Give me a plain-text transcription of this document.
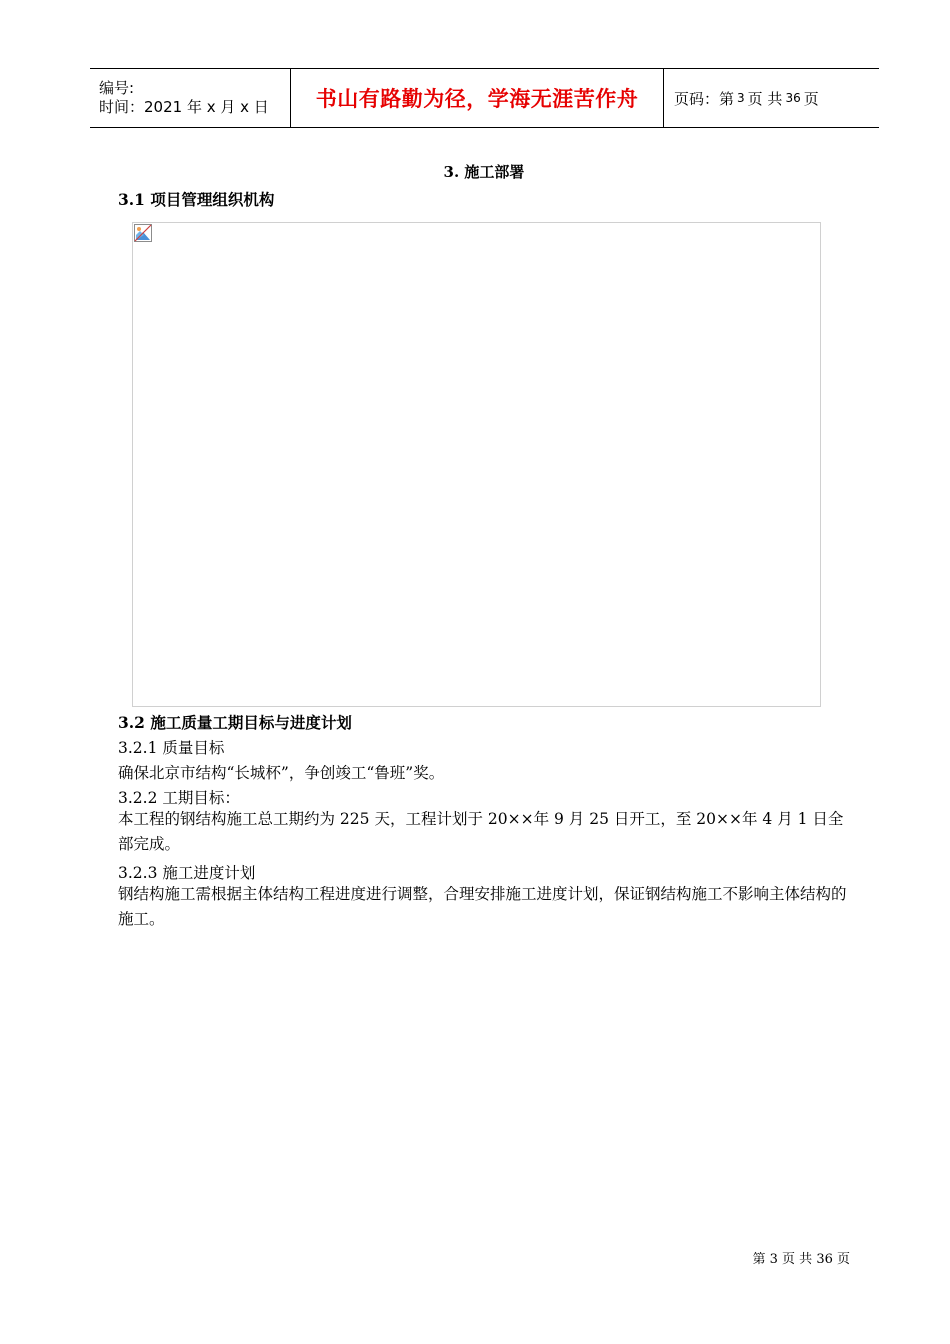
编号:
时间：2021 年 x 月 x 日	书山有路勤为径，学海无涯苦作舟	页码：第 3 页 共 36 页
3. 施工部署
3.1 项目管理组织机构
3.2 施工质量工期目标与进度计划
3.2.1 质量目标
确保北京市结构“长城杯”，争创竣工“鲁班”奖。
3.2.2 工期目标：
本工程的钢结构施工总工期约为 225 天，工程计划于 20××年 9 月 25 日开工，至 20××年 4 月 1 日全部完成。
3.2.3 施工进度计划
钢结构施工需根据主体结构工程进度进行调整，合理安排施工进度计划，保证钢结构施工不影响主体结构的施工。
第 3 页 共 36 页
